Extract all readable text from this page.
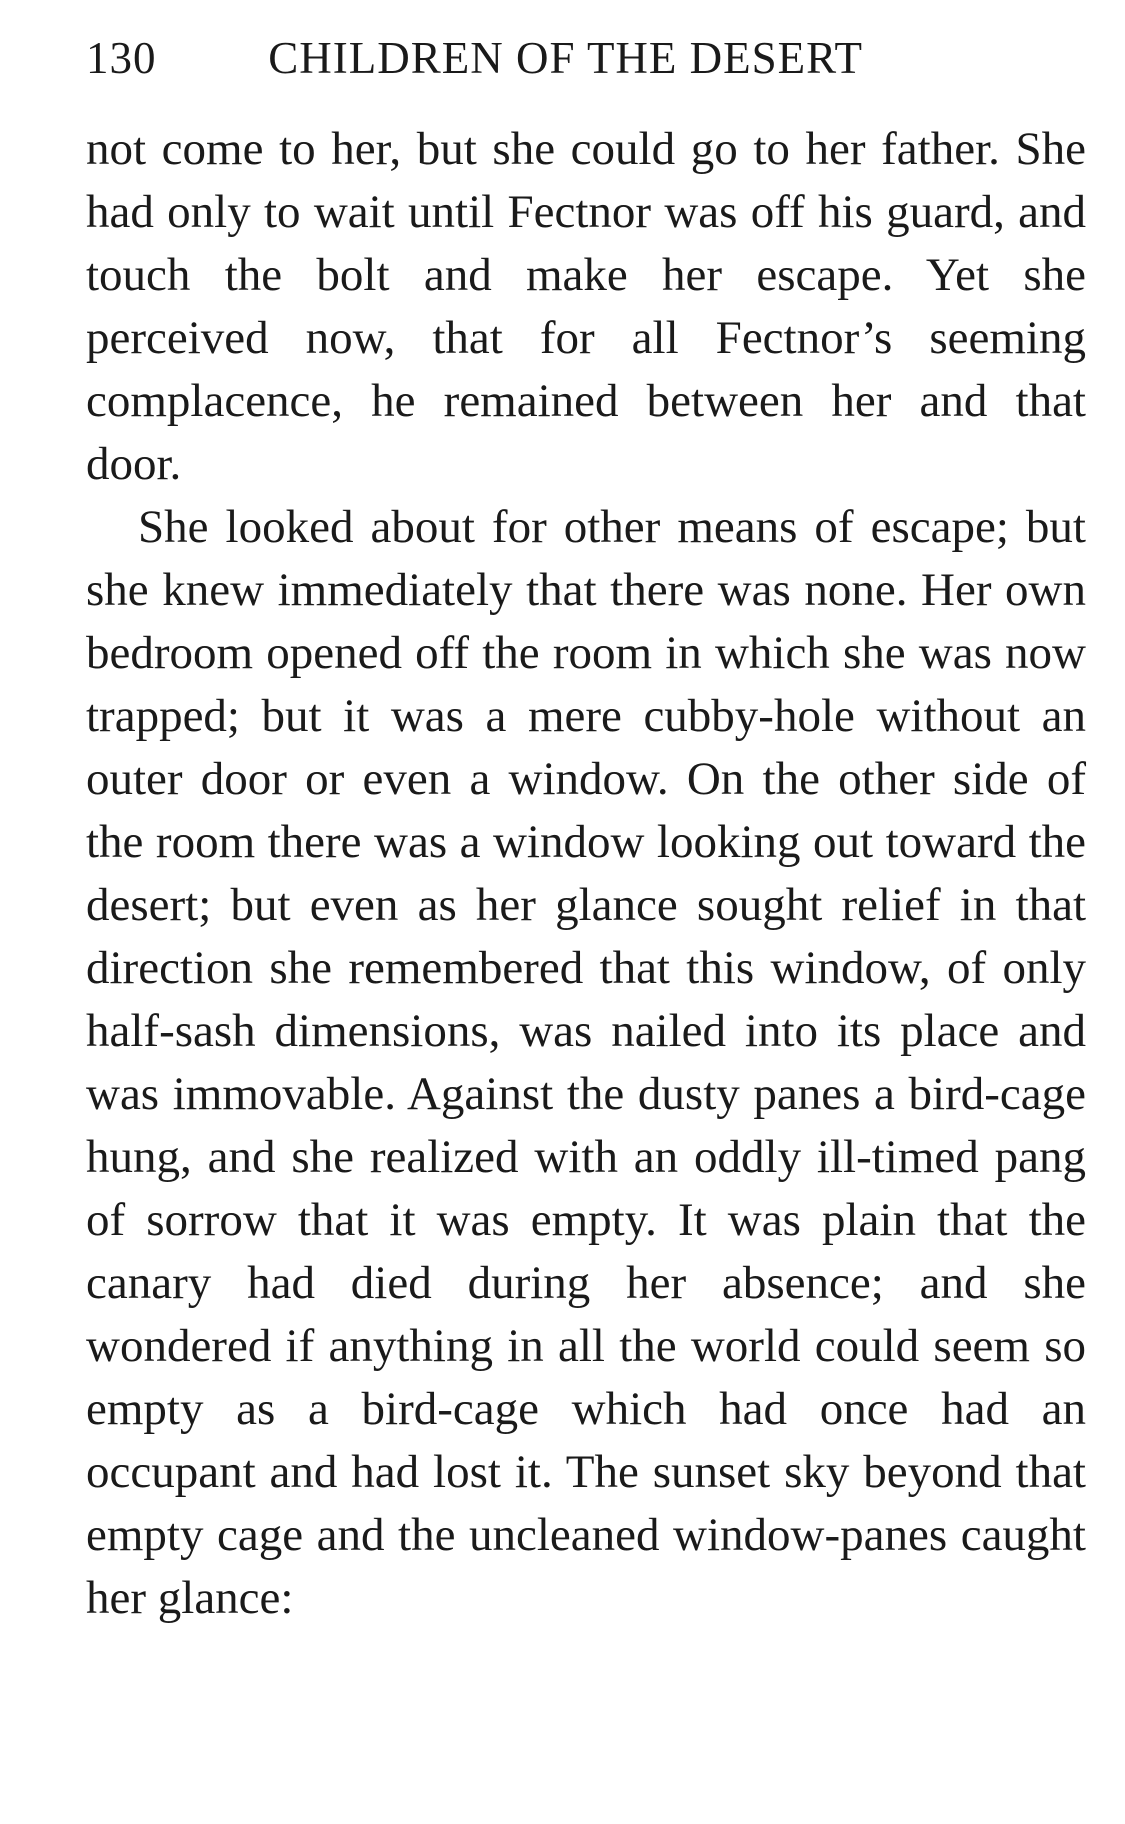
130 CHILDREN OF THE DESERT

not come to her, but she could go to her father. She had only to wait until Fectnor was off his guard, and touch the bolt and make her escape. Yet she perceived now, that for all Fectnor’s seeming complacence, he remained between her and that door.

She looked about for other means of escape; but she knew immediately that there was none. Her own bedroom opened off the room in which she was now trapped; but it was a mere cubby-hole without an outer door or even a window. On the other side of the room there was a window looking out toward the desert; but even as her glance sought relief in that direction she remembered that this window, of only half-sash dimensions, was nailed into its place and was immovable. Against the dusty panes a bird-cage hung, and she realized with an oddly ill-timed pang of sorrow that it was empty. It was plain that the canary had died during her absence; and she wondered if anything in all the world could seem so empty as a bird-cage which had once had an occupant and had lost it. The sunset sky beyond that empty cage and the uncleaned window-panes caught her glance:
